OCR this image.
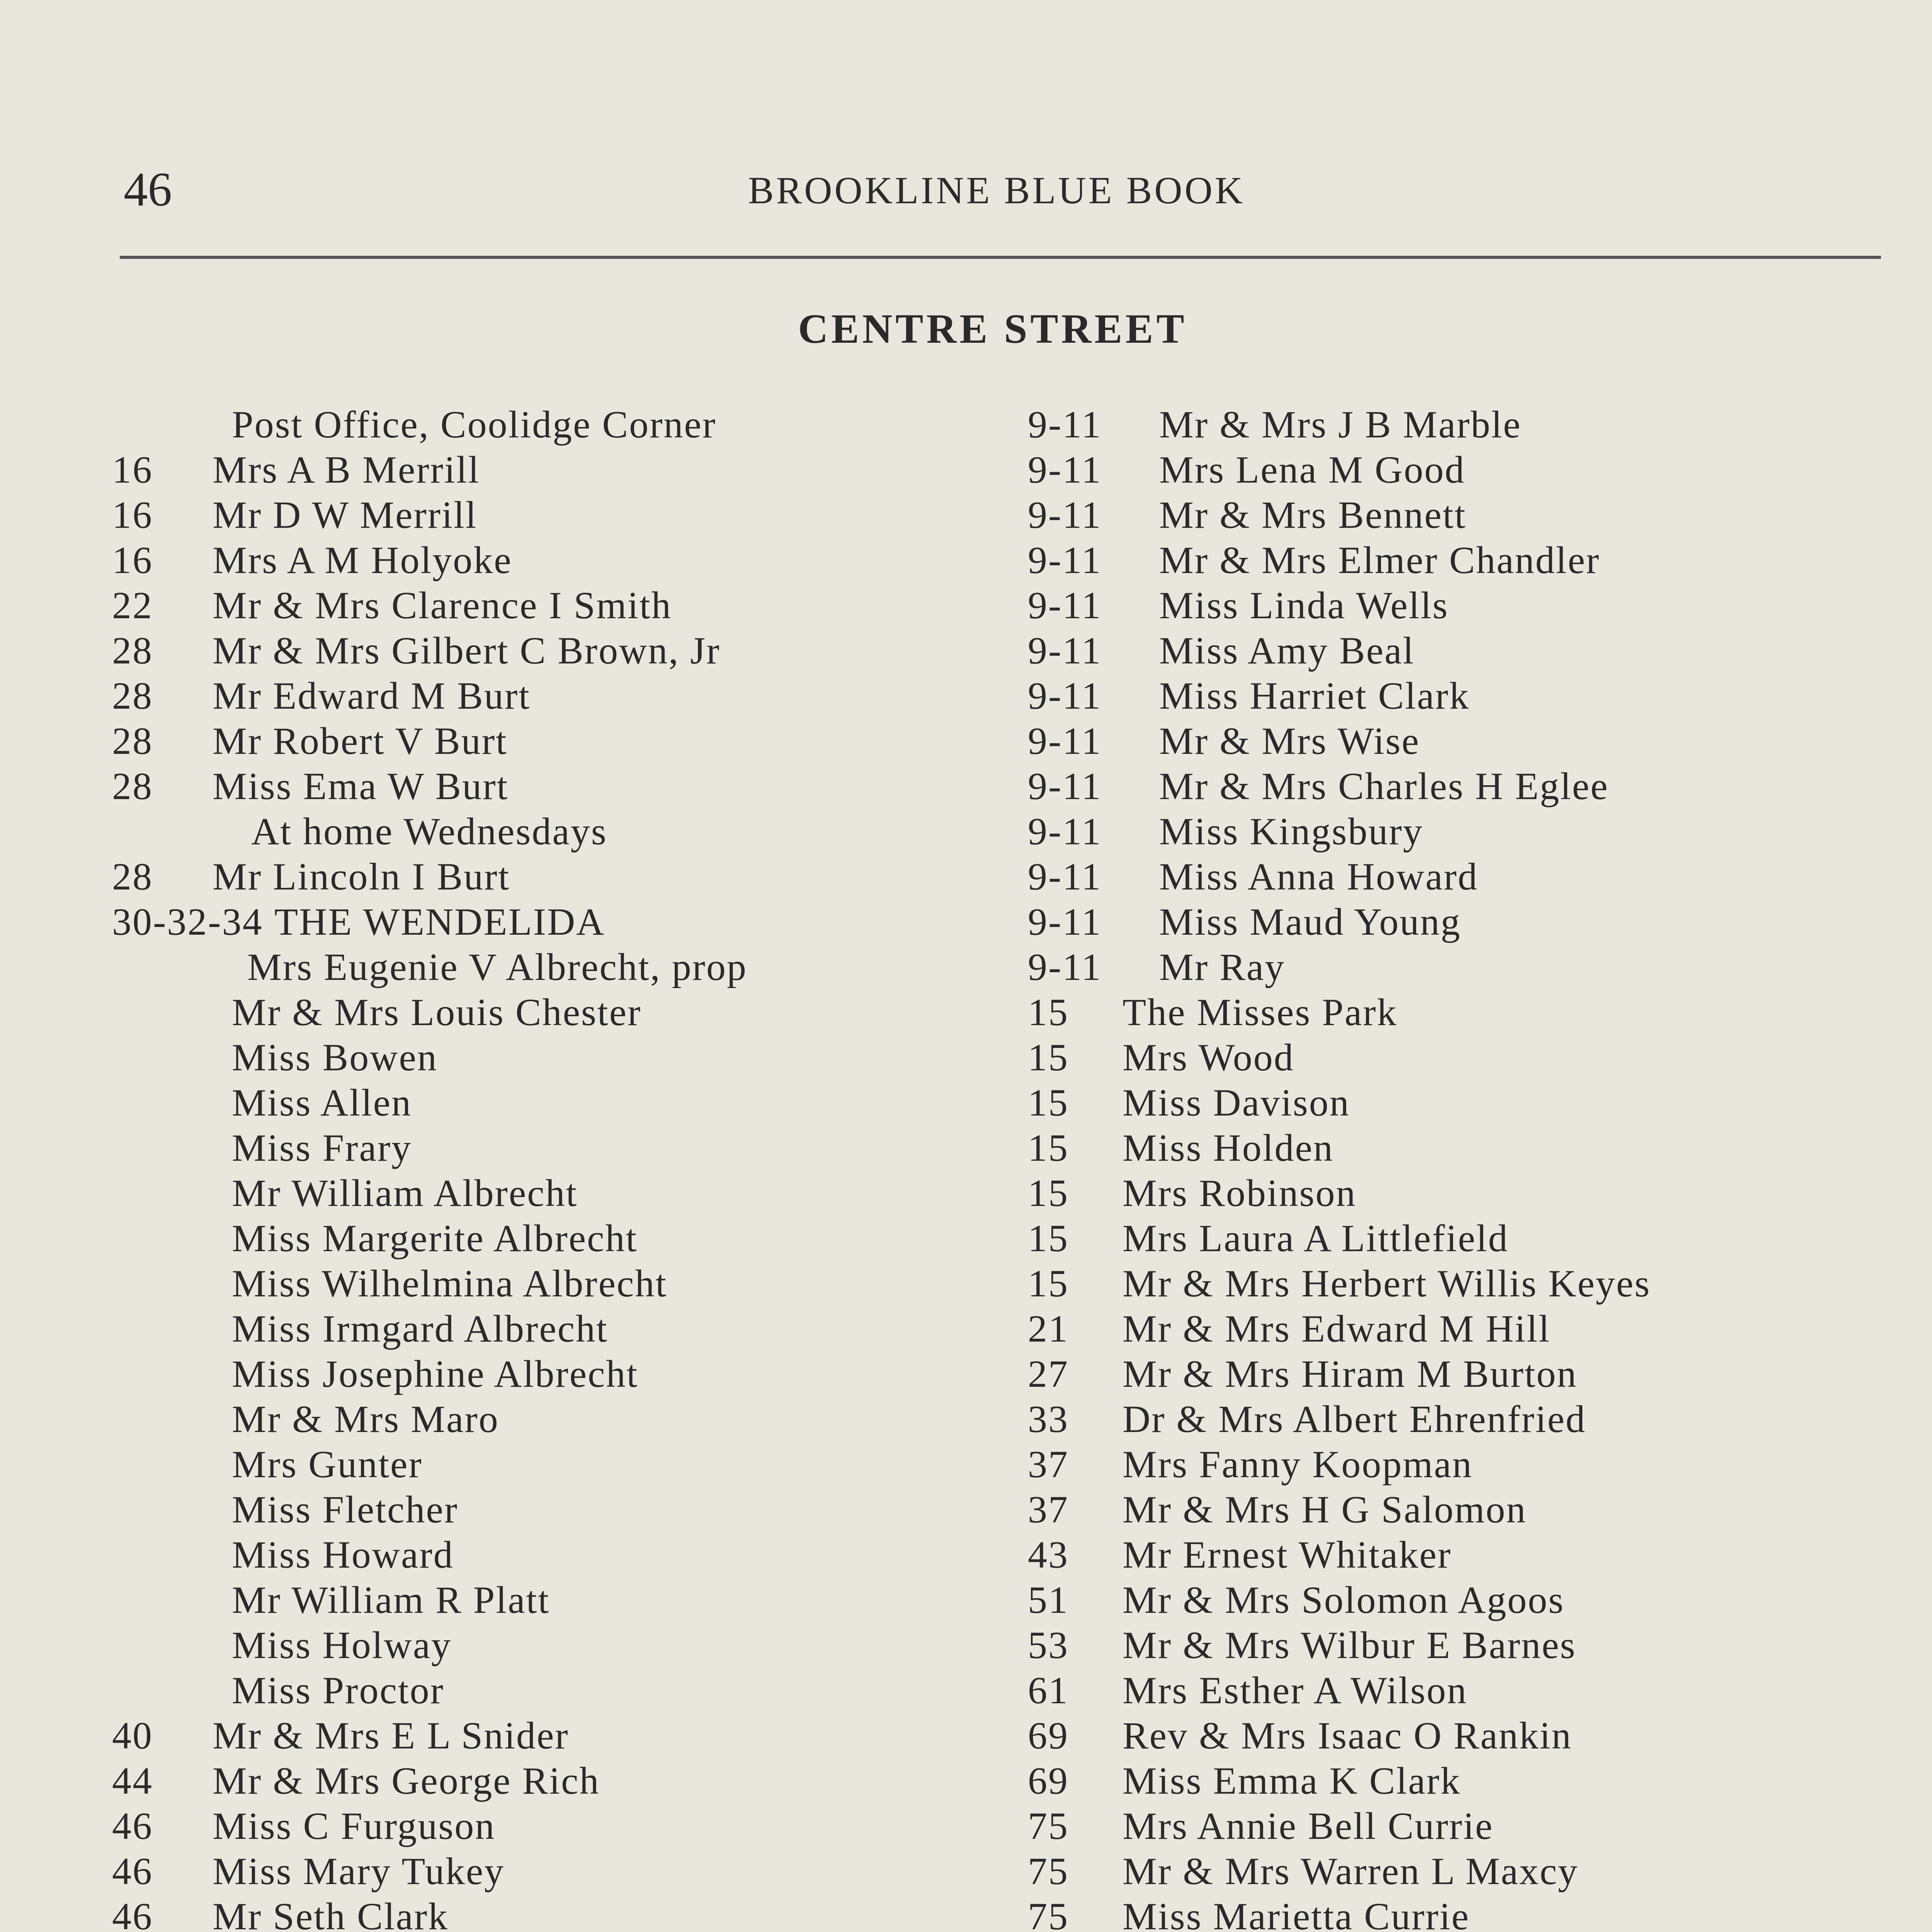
46	BROOKLINE BLUE BOOK
CENTRE STREET
Post Office, Coolidge Corner
16	Mrs A B Merrill
16	Mr D W Merrill
16	Mrs A M Holyoke
22	Mr & Mrs Clarence I Smith
28	Mr & Mrs Gilbert C Brown, Jr
28	Mr Edward M Burt
28	Mr Robert V Burt
28	Miss Ema W Burt
At home Wednesdays
28	Mr Lincoln I Burt
30-32-34 THE WENDELIDA
Mrs Eugenie V Albrecht, prop
Mr & Mrs Louis Chester
Miss Bowen
Miss Allen
Miss Frary
Mr William Albrecht
Miss Margerite Albrecht
Miss Wilhelmina Albrecht
Miss Irmgard Albrecht
Miss Josephine Albrecht
Mr & Mrs Maro
Mrs Gunter
Miss Fletcher
Miss Howard
Mr William R Platt
Miss Holway
Miss Proctor
40	Mr & Mrs E L Snider
44	Mr & Mrs George Rich
46	Miss C Furguson
46	Miss Mary Tukey
46	Mr Seth Clark
9-11	Mr & Mrs J B Marble
9-11	Mrs Lena M Good
9-11	Mr & Mrs Bennett
9-11	Mr & Mrs Elmer Chandler
9-11	Miss Linda Wells
9-11	Miss Amy Beal
9-11	Miss Harriet Clark
9-11	Mr & Mrs Wise
9-11	Mr & Mrs Charles H Eglee
9-11	Miss Kingsbury
9-11	Miss Anna Howard
9-11	Miss Maud Young
9-11	Mr Ray
15	The Misses Park
15	Mrs Wood
15	Miss Davison
15	Miss Holden
15	Mrs Robinson
15	Mrs Laura A Littlefield
15	Mr & Mrs Herbert Willis Keyes
21	Mr & Mrs Edward M Hill
27	Mr & Mrs Hiram M Burton
33	Dr & Mrs Albert Ehrenfried
37	Mrs Fanny Koopman
37	Mr & Mrs H G Salomon
43	Mr Ernest Whitaker
51	Mr & Mrs Solomon Agoos
53	Mr & Mrs Wilbur E Barnes
61	Mrs Esther A Wilson
69	Rev & Mrs Isaac O Rankin
69	Miss Emma K Clark
75	Mrs Annie Bell Currie
75	Mr & Mrs Warren L Maxcy
75	Miss Marietta Currie
